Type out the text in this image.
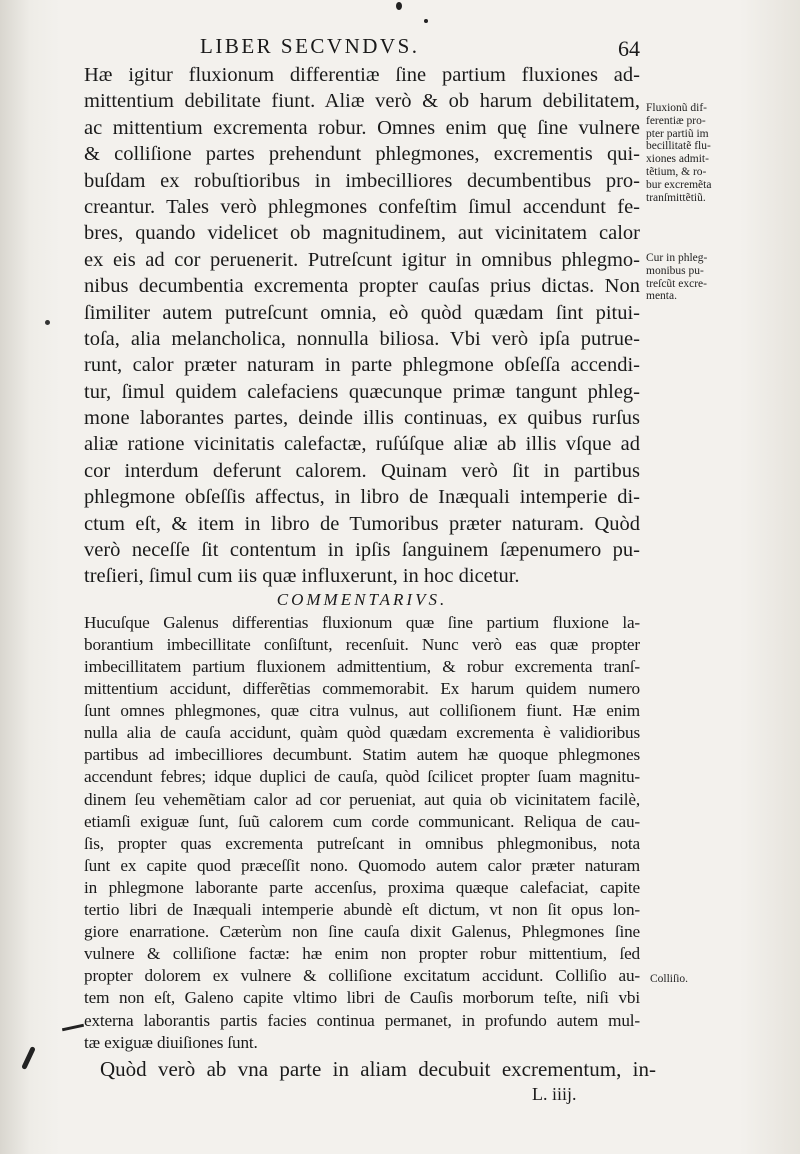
LIBER SECVNDVS.	64
Hæ igitur fluxionum differentiæ ſine partium fluxiones ad-
mittentium debilitate fiunt. Aliæ verò & ob harum debilitatem,
ac mittentium excrementa robur. Omnes enim quę ſine vulnere
& colliſione partes prehendunt phlegmones, excrementis qui-
buſdam ex robuſtioribus in imbecilliores decumbentibus pro-
creantur. Tales verò phlegmones confeſtim ſimul accendunt fe-
bres, quando videlicet ob magnitudinem, aut vicinitatem calor
ex eis ad cor peruenerit. Putreſcunt igitur in omnibus phlegmo-
nibus decumbentia excrementa propter cauſas prius dictas. Non
ſimiliter autem putreſcunt omnia, eò quòd quædam ſint pitui-
toſa, alia melancholica, nonnulla biliosa. Vbi verò ipſa putrue-
runt, calor præter naturam in parte phlegmone obſeſſa accendi-
tur, ſimul quidem calefaciens quæcunque primæ tangunt phleg-
mone laborantes partes, deinde illis continuas, ex quibus rurſus
aliæ ratione vicinitatis calefactæ, ruſúſque aliæ ab illis vſque ad
cor interdum deferunt calorem. Quinam verò ſit in partibus
phlegmone obſeſſis affectus, in libro de Inæquali intemperie di-
ctum eſt, & item in libro de Tumoribus præter naturam. Quòd
verò neceſſe ſit contentum in ipſis ſanguinem ſæpenumero pu-
treſieri, ſimul cum iis quæ influxerunt, in hoc dicetur.
COMMENTARIVS.
Hucuſque Galenus differentias fluxionum quæ ſine partium fluxione la-
borantium imbecillitate conſiſtunt, recenſuit. Nunc verò eas quæ propter
imbecillitatem partium fluxionem admittentium, & robur excrementa tranſ-
mittentium accidunt, differẽtias commemorabit. Ex harum quidem numero
ſunt omnes phlegmones, quæ citra vulnus, aut colliſionem fiunt. Hæ enim
nulla alia de cauſa accidunt, quàm quòd quædam excrementa è validioribus
partibus ad imbecilliores decumbunt. Statim autem hæ quoque phlegmones
accendunt febres; idque duplici de cauſa, quòd ſcilicet propter ſuam magnitu-
dinem ſeu vehemẽtiam calor ad cor perueniat, aut quia ob vicinitatem facilè,
etiamſi exiguæ ſunt, ſuũ calorem cum corde communicant. Reliqua de cau-
ſis, propter quas excrementa putreſcant in omnibus phlegmonibus, nota
ſunt ex capite quod præceſſit nono. Quomodo autem calor præter naturam
in phlegmone laborante parte accenſus, proxima quæque calefaciat, capite
tertio libri de Inæquali intemperie abundè eſt dictum, vt non ſit opus lon-
giore enarratione. Cæterùm non ſine cauſa dixit Galenus, Phlegmones ſine
vulnere & colliſione factæ: hæ enim non propter robur mittentium, ſed
propter dolorem ex vulnere & colliſione excitatum accidunt. Colliſio au-
tem non eſt, Galeno capite vltimo libri de Cauſis morborum teſte, niſi vbi
externa laborantis partis facies continua permanet, in profundo autem mul-
tæ exiguæ diuiſiones ſunt.
Quòd verò ab vna parte in aliam decubuit excrementum, in-
L. iiij.
Fluxionũ dif-
ferentiæ pro-
pter partiũ im
becillitatẽ flu-
xiones admit-
tẽtium, & ro-
bur excremẽta
tranſmittẽtiũ.
Cur in phleg-
monibus pu-
treſcũt excre-
menta.
Colliſio.
